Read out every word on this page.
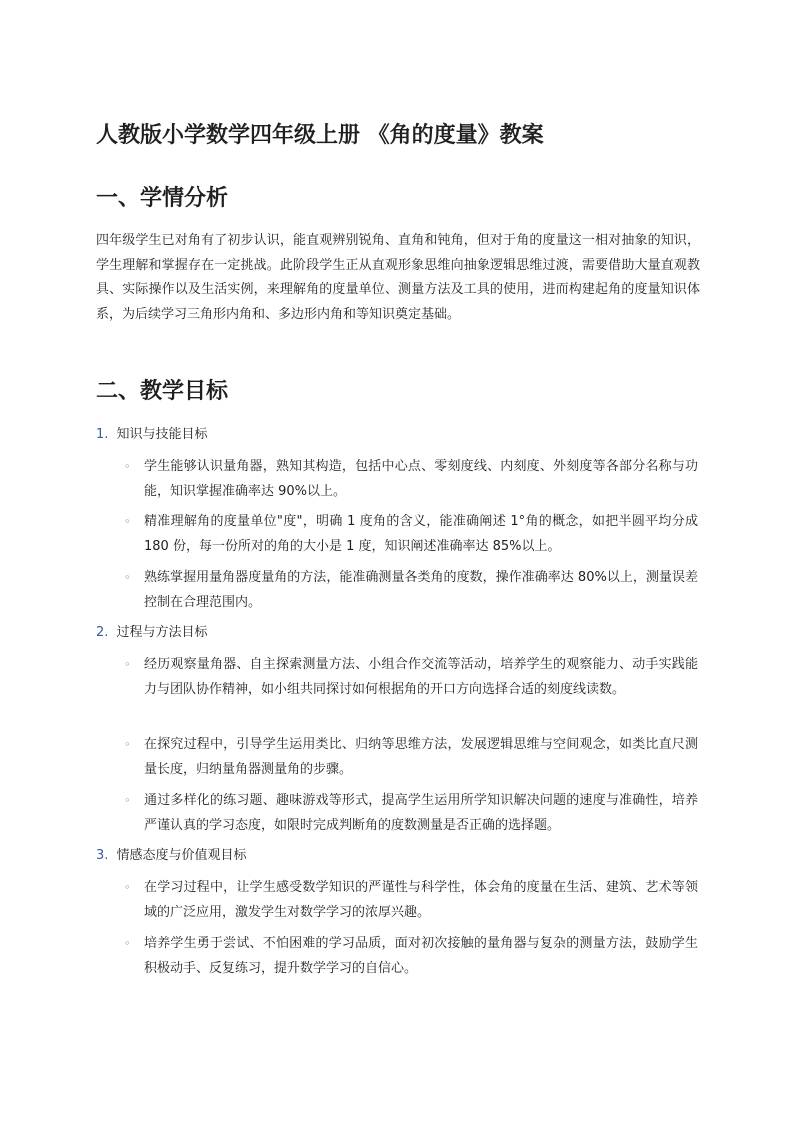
人教版小学数学四年级上册 《角的度量》教案
一、学情分析

四年级学生已对角有了初步认识，能直观辨别锐角、直角和钝角，但对于角的度量这一相对抽象的知识，学生理解和掌握存在一定挑战。此阶段学生正从直观形象思维向抽象逻辑思维过渡，需要借助大量直观教具、实际操作以及生活实例，来理解角的度量单位、测量方法及工具的使用，进而构建起角的度量知识体系，为后续学习三角形内角和、多边形内角和等知识奠定基础。

二、教学目标
1. 知识与技能目标
◦ 学生能够认识量角器，熟知其构造，包括中心点、零刻度线、内刻度、外刻度等各部分名称与功能，知识掌握准确率达 90%以上。
◦ 精准理解角的度量单位"度"，明确 1 度角的含义，能准确阐述 1°角的概念，如把半圆平均分成 180 份，每一份所对的角的大小是 1 度，知识阐述准确率达 85%以上。
◦ 熟练掌握用量角器度量角的方法，能准确测量各类角的度数，操作准确率达 80%以上，测量误差控制在合理范围内。
2. 过程与方法目标
◦ 经历观察量角器、自主探索测量方法、小组合作交流等活动，培养学生的观察能力、动手实践能力与团队协作精神，如小组共同探讨如何根据角的开口方向选择合适的刻度线读数。
◦ 在探究过程中，引导学生运用类比、归纳等思维方法，发展逻辑思维与空间观念，如类比直尺测量长度，归纳量角器测量角的步骤。
◦ 通过多样化的练习题、趣味游戏等形式，提高学生运用所学知识解决问题的速度与准确性，培养严谨认真的学习态度，如限时完成判断角的度数测量是否正确的选择题。
3. 情感态度与价值观目标
◦ 在学习过程中，让学生感受数学知识的严谨性与科学性，体会角的度量在生活、建筑、艺术等领域的广泛应用，激发学生对数学学习的浓厚兴趣。
◦ 培养学生勇于尝试、不怕困难的学习品质，面对初次接触的量角器与复杂的测量方法，鼓励学生积极动手、反复练习，提升数学学习的自信心。
